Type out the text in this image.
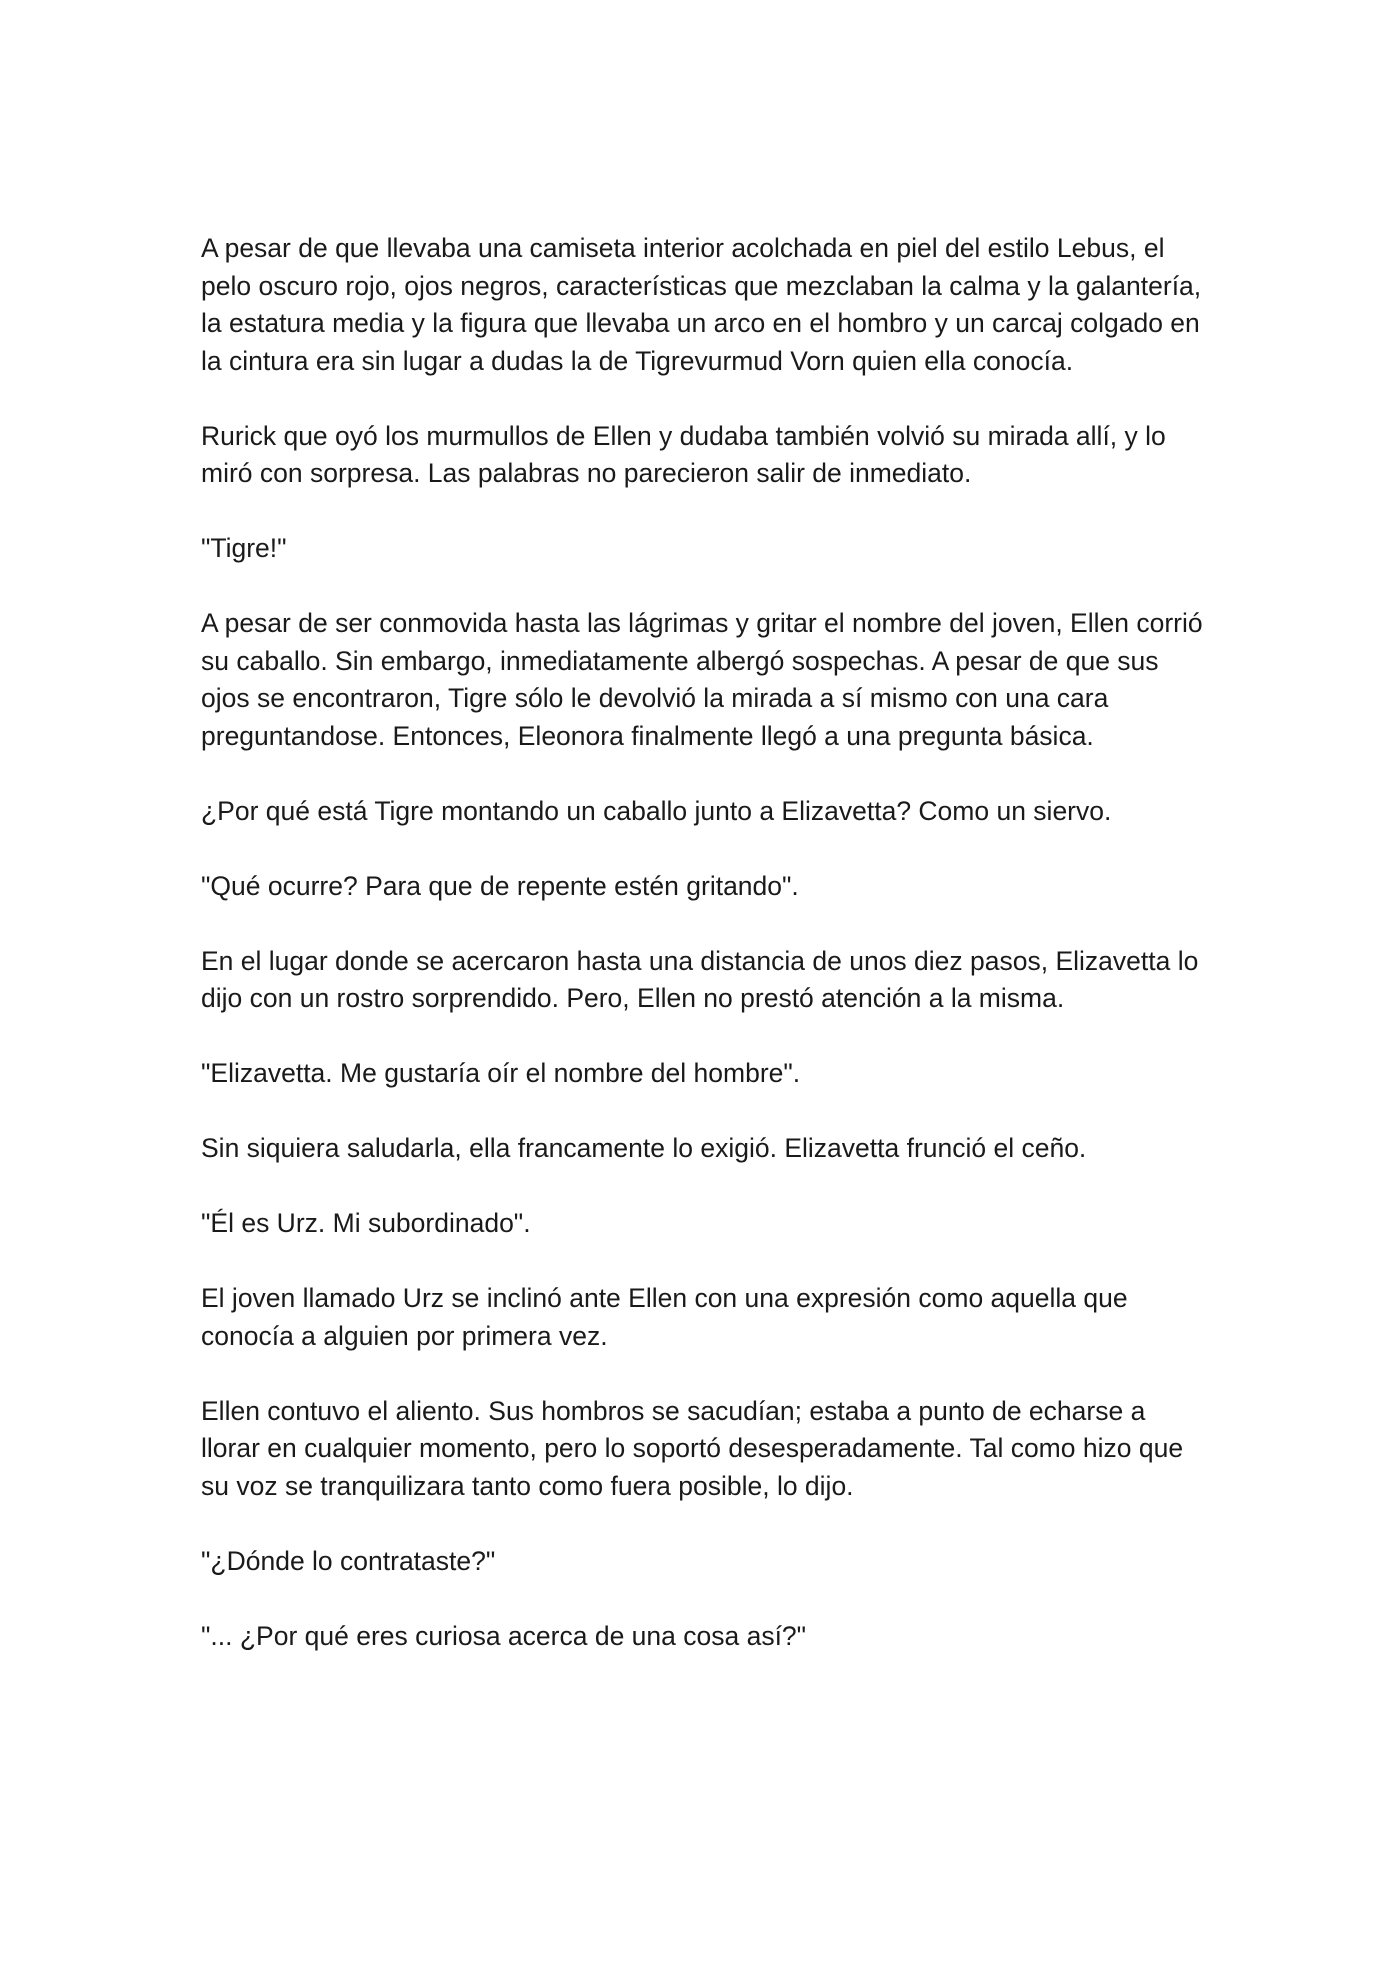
A pesar de que llevaba una camiseta interior acolchada en piel del estilo Lebus, el pelo oscuro rojo, ojos negros, características que mezclaban la calma y la galantería, la estatura media y la figura que llevaba un arco en el hombro y un carcaj colgado en la cintura era sin lugar a dudas la de Tigrevurmud Vorn quien ella conocía.

Rurick que oyó los murmullos de Ellen y dudaba también volvió su mirada allí, y lo miró con sorpresa. Las palabras no parecieron salir de inmediato.

"Tigre!"

A pesar de ser conmovida hasta las lágrimas y gritar el nombre del joven, Ellen corrió su caballo. Sin embargo, inmediatamente albergó sospechas. A pesar de que sus ojos se encontraron, Tigre sólo le devolvió la mirada a sí mismo con una cara preguntandose. Entonces, Eleonora finalmente llegó a una pregunta básica.

¿Por qué está Tigre montando un caballo junto a Elizavetta? Como un siervo.

"Qué ocurre? Para que de repente estén gritando".

En el lugar donde se acercaron hasta una distancia de unos diez pasos, Elizavetta lo dijo con un rostro sorprendido. Pero, Ellen no prestó atención a la misma.

"Elizavetta. Me gustaría oír el nombre del hombre".

Sin siquiera saludarla, ella francamente lo exigió. Elizavetta frunció el ceño.

"Él es Urz. Mi subordinado".

El joven llamado Urz se inclinó ante Ellen con una expresión como aquella que conocía a alguien por primera vez.

Ellen contuvo el aliento. Sus hombros se sacudían; estaba a punto de echarse a llorar en cualquier momento, pero lo soportó desesperadamente. Tal como hizo que su voz se tranquilizara tanto como fuera posible, lo dijo.

"¿Dónde lo contrataste?"

"... ¿Por qué eres curiosa acerca de una cosa así?"
